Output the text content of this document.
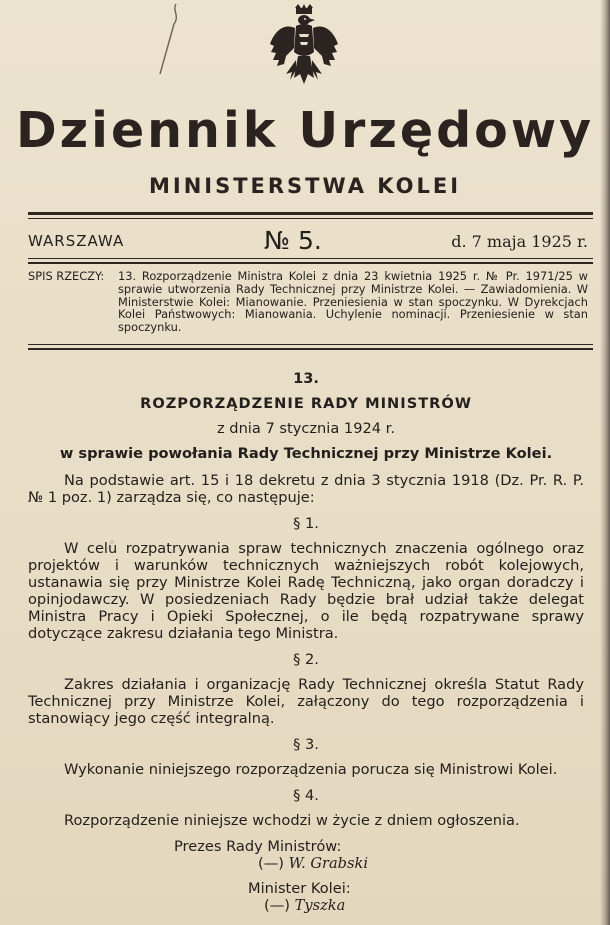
Dziennik Urzędowy
MINISTERSTWA KOLEI
WARSZAWA	№ 5.	d. 7 maja 1925 r.
SPIS RZECZY: 13. Rozporządzenie Ministra Kolei z dnia 23 kwietnia 1925 r. № Pr. 1971/25 w sprawie utworzenia Rady Technicznej przy Ministrze Kolei. — Zawiadomienia. W Ministerstwie Kolei: Mianowanie. Przeniesienia w stan spoczynku. W Dyrekcjach Kolei Państwowych: Mianowania. Uchylenie nominacji. Przeniesienie w stan spoczynku.

13.

ROZPORZĄDZENIE RADY MINISTRÓW

z dnia 7 stycznia 1924 r.

w sprawie powołania Rady Technicznej przy Ministrze Kolei.

Na podstawie art. 15 i 18 dekretu z dnia 3 stycznia 1918 (Dz. Pr. R. P. № 1 poz. 1) zarządza się, co następuje:

§ 1.

W celu rozpatrywania spraw technicznych znaczenia ogólnego oraz projektów i warunków technicznych ważniejszych robót kolejowych, ustanawia się przy Ministrze Kolei Radę Techniczną, jako organ doradczy i opinjodawczy. W posiedzeniach Rady będzie brał udział także delegat Ministra Pracy i Opieki Społecznej, o ile będą rozpatrywane sprawy dotyczące zakresu działania tego Ministra.

§ 2.

Zakres działania i organizację Rady Technicznej określa Statut Rady Technicznej przy Ministrze Kolei, załączony do tego rozporządzenia i stanowiący jego część integralną.

§ 3.

Wykonanie niniejszego rozporządzenia porucza się Ministrowi Kolei.

§ 4.

Rozporządzenie niniejsze wchodzi w życie z dniem ogłoszenia.

Prezes Rady Ministrów:

(—) W. Grabski

Minister Kolei:

(—) Tyszka
